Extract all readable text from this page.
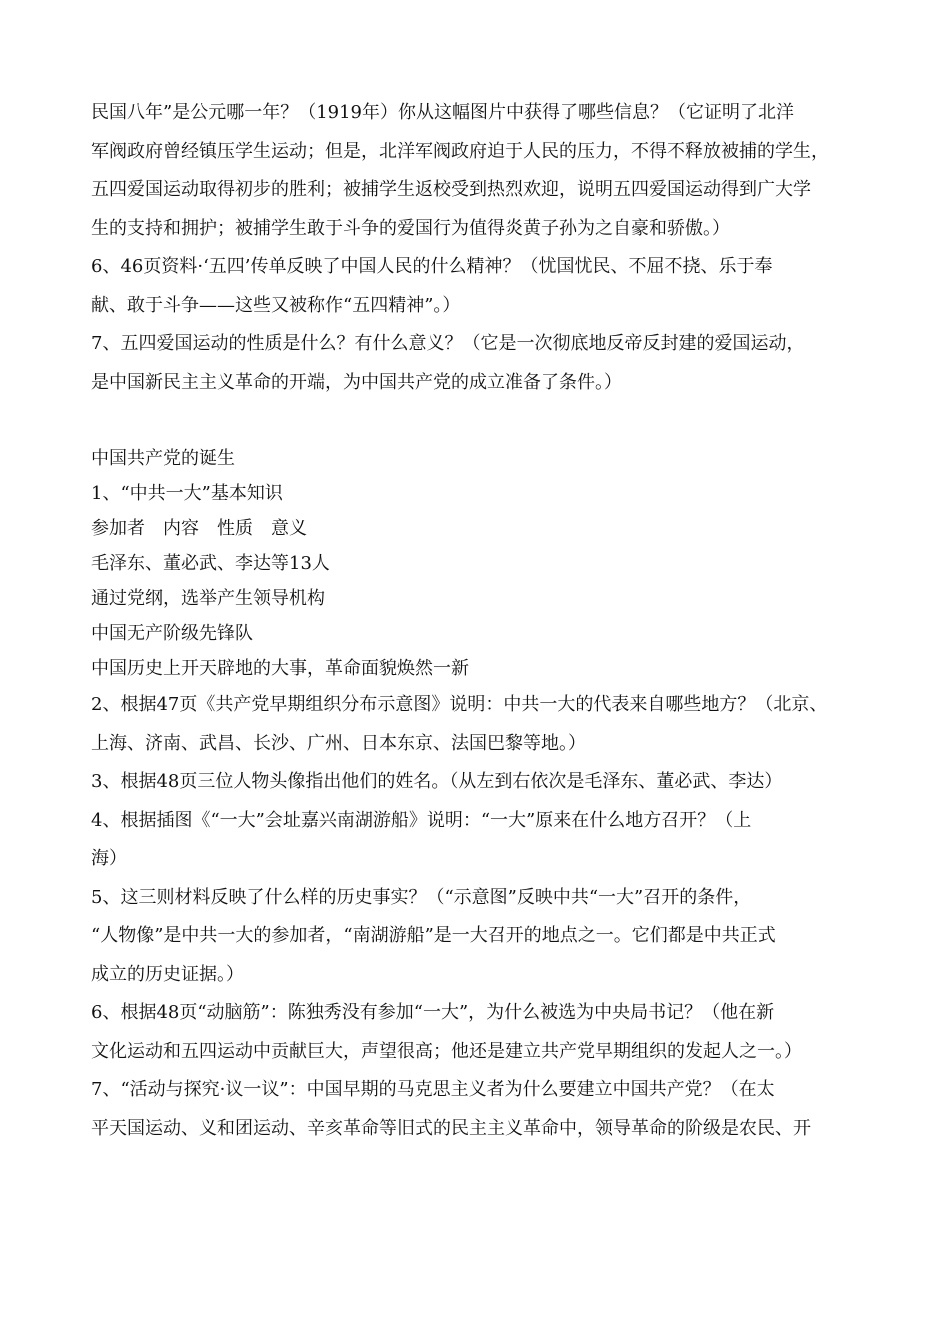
民国八年”是公元哪一年？（1919年）你从这幅图片中获得了哪些信息？（它证明了北洋
军阀政府曾经镇压学生运动；但是，北洋军阀政府迫于人民的压力，不得不释放被捕的学生，
五四爱国运动取得初步的胜利；被捕学生返校受到热烈欢迎，说明五四爱国运动得到广大学
生的支持和拥护；被捕学生敢于斗争的爱国行为值得炎黄子孙为之自豪和骄傲。）
6、46页资料·‘五四’传单反映了中国人民的什么精神？（忧国忧民、不屈不挠、乐于奉
献、敢于斗争——这些又被称作“五四精神”。）
7、五四爱国运动的性质是什么？有什么意义？（它是一次彻底地反帝反封建的爱国运动，
是中国新民主主义革命的开端，为中国共产党的成立准备了条件。）
中国共产党的诞生
1、“中共一大”基本知识
参加者　内容　性质　意义
毛泽东、董必武、李达等13人
通过党纲，选举产生领导机构
中国无产阶级先锋队
中国历史上开天辟地的大事，革命面貌焕然一新
2、根据47页《共产党早期组织分布示意图》说明：中共一大的代表来自哪些地方？（北京、
上海、济南、武昌、长沙、广州、日本东京、法国巴黎等地。）
3、根据48页三位人物头像指出他们的姓名。（从左到右依次是毛泽东、董必武、李达）
4、根据插图《“一大”会址嘉兴南湖游船》说明：“一大”原来在什么地方召开？（上
海）
5、这三则材料反映了什么样的历史事实？（“示意图”反映中共“一大”召开的条件，
“人物像”是中共一大的参加者，“南湖游船”是一大召开的地点之一。它们都是中共正式
成立的历史证据。）
6、根据48页“动脑筋”：陈独秀没有参加“一大”，为什么被选为中央局书记？（他在新
文化运动和五四运动中贡献巨大，声望很高；他还是建立共产党早期组织的发起人之一。）
7、“活动与探究·议一议”：中国早期的马克思主义者为什么要建立中国共产党？（在太
平天国运动、义和团运动、辛亥革命等旧式的民主主义革命中，领导革命的阶级是农民、开
